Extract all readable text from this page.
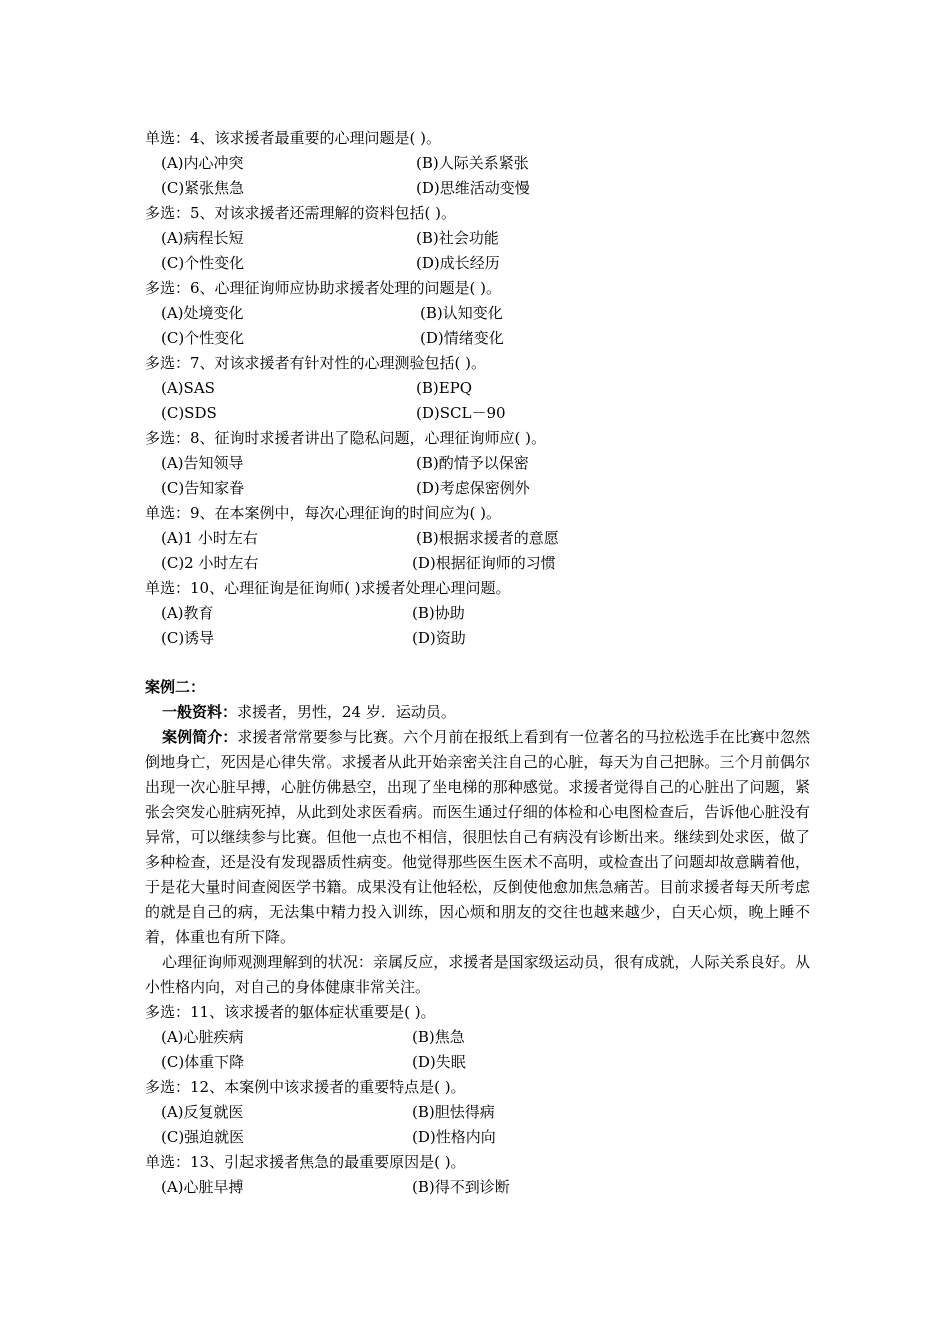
单选：4、该求援者最重要的心理问题是( )。
(A)内心冲突	(B)人际关系紧张
(C)紧张焦急	(D)思维活动变慢
多选：5、对该求援者还需理解的资料包括( )。
(A)病程长短	(B)社会功能
(C)个性变化	(D)成长经历
多选：6、心理征询师应协助求援者处理的问题是( )。
(A)处境变化	(B)认知变化
(C)个性变化	(D)情绪变化
多选：7、对该求援者有针对性的心理测验包括( )。
(A)SAS	(B)EPQ
(C)SDS	(D)SCL－90
多选：8、征询时求援者讲出了隐私问题，心理征询师应( )。
(A)告知领导	(B)酌情予以保密
(C)告知家眷	(D)考虑保密例外
单选：9、在本案例中，每次心理征询的时间应为( )。
(A)1 小时左右	(B)根据求援者的意愿
(C)2 小时左右	(D)根据征询师的习惯
单选：10、心理征询是征询师( )求援者处理心理问题。
(A)教育	(B)协助
(C)诱导	(D)资助
案例二：

一般资料：求援者，男性，24 岁．运动员。

案例简介：求援者常常要参与比赛。六个月前在报纸上看到有一位著名的马拉松选手在比赛中忽然倒地身亡，死因是心律失常。求援者从此开始亲密关注自己的心脏，每天为自己把脉。三个月前偶尔出现一次心脏早搏，心脏仿佛悬空，出现了坐电梯的那种感觉。求援者觉得自己的心脏出了问题，紧张会突发心脏病死掉，从此到处求医看病。而医生通过仔细的体检和心电图检查后，告诉他心脏没有异常，可以继续参与比赛。但他一点也不相信，很胆怯自己有病没有诊断出来。继续到处求医，做了多种检查，还是没有发现器质性病变。他觉得那些医生医术不高明，或检查出了问题却故意瞒着他，于是花大量时间查阅医学书籍。成果没有让他轻松，反倒使他愈加焦急痛苦。目前求援者每天所考虑的就是自己的病，无法集中精力投入训练，因心烦和朋友的交往也越来越少，白天心烦，晚上睡不着，体重也有所下降。

心理征询师观测理解到的状况：亲属反应，求援者是国家级运动员，很有成就，人际关系良好。从小性格内向，对自己的身体健康非常关注。

多选：11、该求援者的躯体症状重要是( )。
(A)心脏疾病	(B)焦急
(C)体重下降	(D)失眠
多选：12、本案例中该求援者的重要特点是( )。
(A)反复就医	(B)胆怯得病
(C)强迫就医	(D)性格内向
单选：13、引起求援者焦急的最重要原因是( )。
(A)心脏早搏	(B)得不到诊断
